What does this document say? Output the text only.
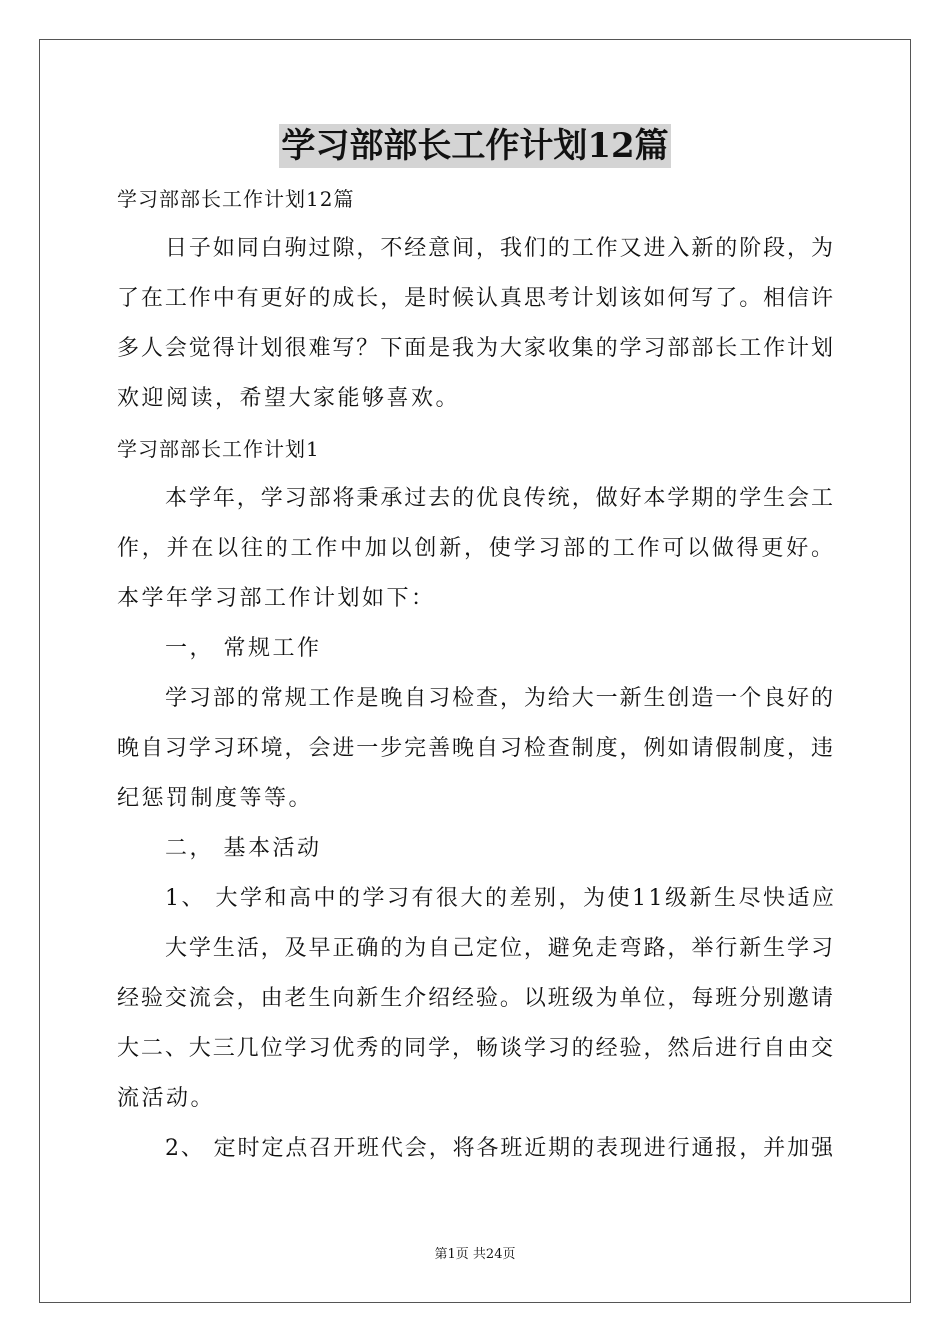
学习部部长工作计划12篇
学习部部长工作计划12篇
日子如同白驹过隙，不经意间，我们的工作又进入新的阶段，为
了在工作中有更好的成长，是时候认真思考计划该如何写了。相信许
多人会觉得计划很难写？下面是我为大家收集的学习部部长工作计划
欢迎阅读，希望大家能够喜欢。
学习部部长工作计划1
本学年，学习部将秉承过去的优良传统，做好本学期的学生会工
作，并在以往的工作中加以创新，使学习部的工作可以做得更好。
本学年学习部工作计划如下：
一， 常规工作
学习部的常规工作是晚自习检查，为给大一新生创造一个良好的
晚自习学习环境，会进一步完善晚自习检查制度，例如请假制度，违
纪惩罚制度等等。
二， 基本活动
1、 大学和高中的学习有很大的差别，为使11级新生尽快适应
大学生活，及早正确的为自己定位，避免走弯路，举行新生学习
经验交流会，由老生向新生介绍经验。以班级为单位，每班分别邀请
大二、大三几位学习优秀的同学，畅谈学习的经验，然后进行自由交
流活动。
2、 定时定点召开班代会，将各班近期的表现进行通报，并加强
第1页 共24页
